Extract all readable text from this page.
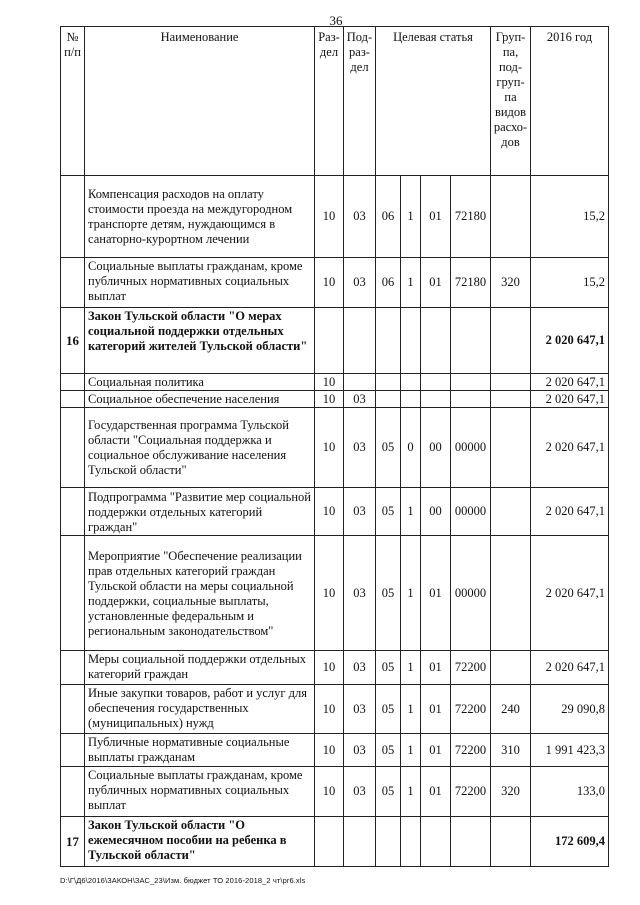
36
№ п/п	Наименование	Раз-дел	Под-раз-дел	Целевая статья				Груп-па, под-груп-па видов расхо-дов	2016 год
	Компенсация расходов на оплату стоимости проезда на междугородном транспорте детям, нуждающимся в санаторно-курортном лечении	10	03	06	1	01	72180		15,2
	Социальные выплаты гражданам, кроме публичных нормативных социальных выплат	10	03	06	1	01	72180	320	15,2
16	Закон Тульской области "О мерах социальной поддержки отдельных категорий жителей Тульской области"								2 020 647,1
	Социальная политика	10							2 020 647,1
	Социальное обеспечение населения	10	03						2 020 647,1
	Государственная программа Тульской области "Социальная поддержка и социальное обслуживание населения Тульской области"	10	03	05	0	00	00000		2 020 647,1
	Подпрограмма "Развитие мер социальной поддержки отдельных категорий граждан"	10	03	05	1	00	00000		2 020 647,1
	Мероприятие "Обеспечение реализации прав отдельных категорий граждан Тульской области на меры социальной поддержки, социальные выплаты, установленные федеральным и региональным законодательством"	10	03	05	1	01	00000		2 020 647,1
	Меры социальной поддержки отдельных категорий граждан	10	03	05	1	01	72200		2 020 647,1
	Иные закупки товаров, работ и услуг для обеспечения государственных (муниципальных) нужд	10	03	05	1	01	72200	240	29 090,8
	Публичные нормативные социальные выплаты гражданам	10	03	05	1	01	72200	310	1 991 423,3
	Социальные выплаты гражданам, кроме публичных нормативных социальных выплат	10	03	05	1	01	72200	320	133,0
17	Закон Тульской области "О ежемесячном пособии на ребенка в Тульской области"								172 609,4
D:\Г\Д6\2016\ЗАКОН\ЗАС_23\Изм. бюджет ТО 2016-2018_2 чт\pr6.xls
